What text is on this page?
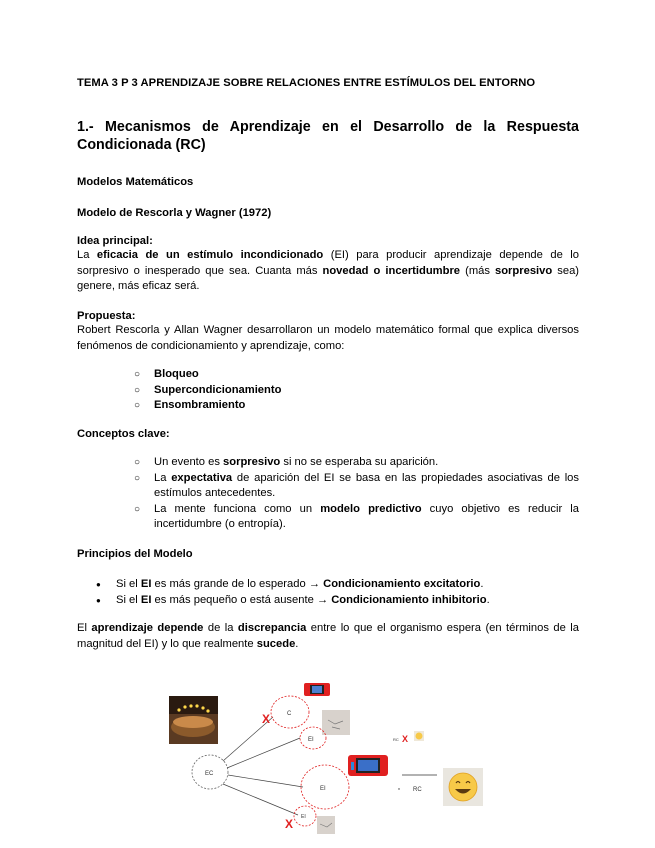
TEMA 3 P 3 APRENDIZAJE SOBRE RELACIONES ENTRE ESTÍMULOS DEL ENTORNO
1.- Mecanismos de Aprendizaje en el Desarrollo de la Respuesta
Condicionada (RC)
Modelos Matemáticos
Modelo de Rescorla y Wagner (1972)
Idea principal:
La eficacia de un estímulo incondicionado (EI) para producir aprendizaje depende de lo sorpresivo o inesperado que sea. Cuanta más novedad o incertidumbre (más sorpresivo sea) genere, más eficaz será.
Propuesta:
Robert Rescorla y Allan Wagner desarrollaron un modelo matemático formal que explica diversos fenómenos de condicionamiento y aprendizaje, como:
○ Bloqueo
○ Supercondicionamiento
○ Ensombramiento
Conceptos clave:
○ Un evento es sorpresivo si no se esperaba su aparición.
○ La expectativa de aparición del EI se basa en las propiedades asociativas de los estímulos antecedentes.
○ La mente funciona como un modelo predictivo cuyo objetivo es reducir la incertidumbre (o entropía).
Principios del Modelo
● Si el EI es más grande de lo esperado → Condicionamiento excitatorio.
● Si el EI es más pequeño o está ausente → Condicionamiento inhibitorio.
El aprendizaje depende de la discrepancia entre lo que el organismo espera (en términos de la magnitud del EI) y lo que realmente sucede.
EC
C
X
EI	RC X
EI	RC
EI
X
